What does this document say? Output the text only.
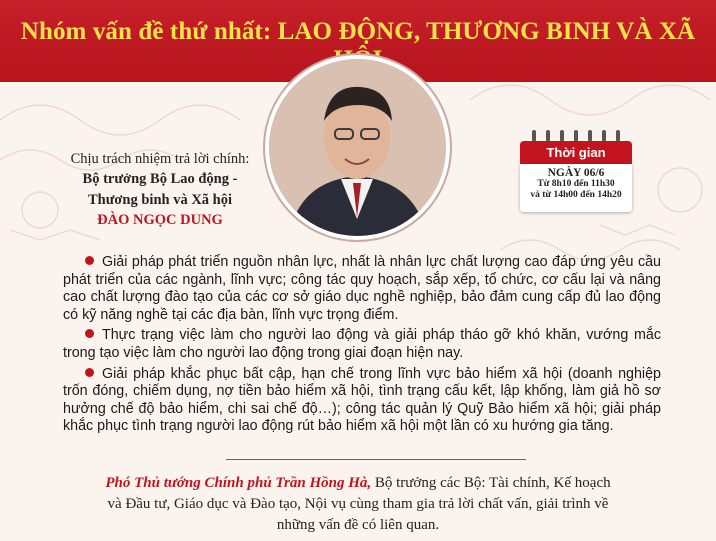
Nhóm vấn đề thứ nhất: LAO ĐỘNG, THƯƠNG BINH VÀ XÃ
Chịu trách nhiệm trả lời chính:
Bộ trưởng Bộ Lao động -
Thương binh và Xã hội
ĐÀO NGỌC DUNG
Thời gian
NGÀY 06/6
Từ 8h10 đến 11h30
và từ 14h00 đến 14h20

Giải pháp phát triển nguồn nhân lực, nhất là nhân lực chất lượng cao đáp ứng yêu cầu phát triển của các ngành, lĩnh vực; công tác quy hoạch, sắp xếp, tổ chức, cơ cấu lại và nâng cao chất lượng đào tạo của các cơ sở giáo dục nghề nghiệp, bảo đảm cung cấp đủ lao động có kỹ năng nghề tại các địa bàn, lĩnh vực trọng điểm.

Thực trạng việc làm cho người lao động và giải pháp tháo gỡ khó khăn, vướng mắc trong tạo việc làm cho người lao động trong giai đoạn hiện nay.

Giải pháp khắc phục bất cập, hạn chế trong lĩnh vực bảo hiểm xã hội (doanh nghiệp trốn đóng, chiếm dụng, nợ tiền bảo hiểm xã hội, tình trạng cấu kết, lập khống, làm giả hồ sơ hưởng chế độ bảo hiểm, chi sai chế độ…); công tác quản lý Quỹ Bảo hiểm xã hội; giải pháp khắc phục tình trạng người lao động rút bảo hiểm xã hội một lần có xu hướng gia tăng.

Phó Thủ tướng Chính phủ Trần Hồng Hà, Bộ trưởng các Bộ: Tài chính, Kế hoạch và Đầu tư, Giáo dục và Đào tạo, Nội vụ cùng tham gia trả lời chất vấn, giải trình về những vấn đề có liên quan.
